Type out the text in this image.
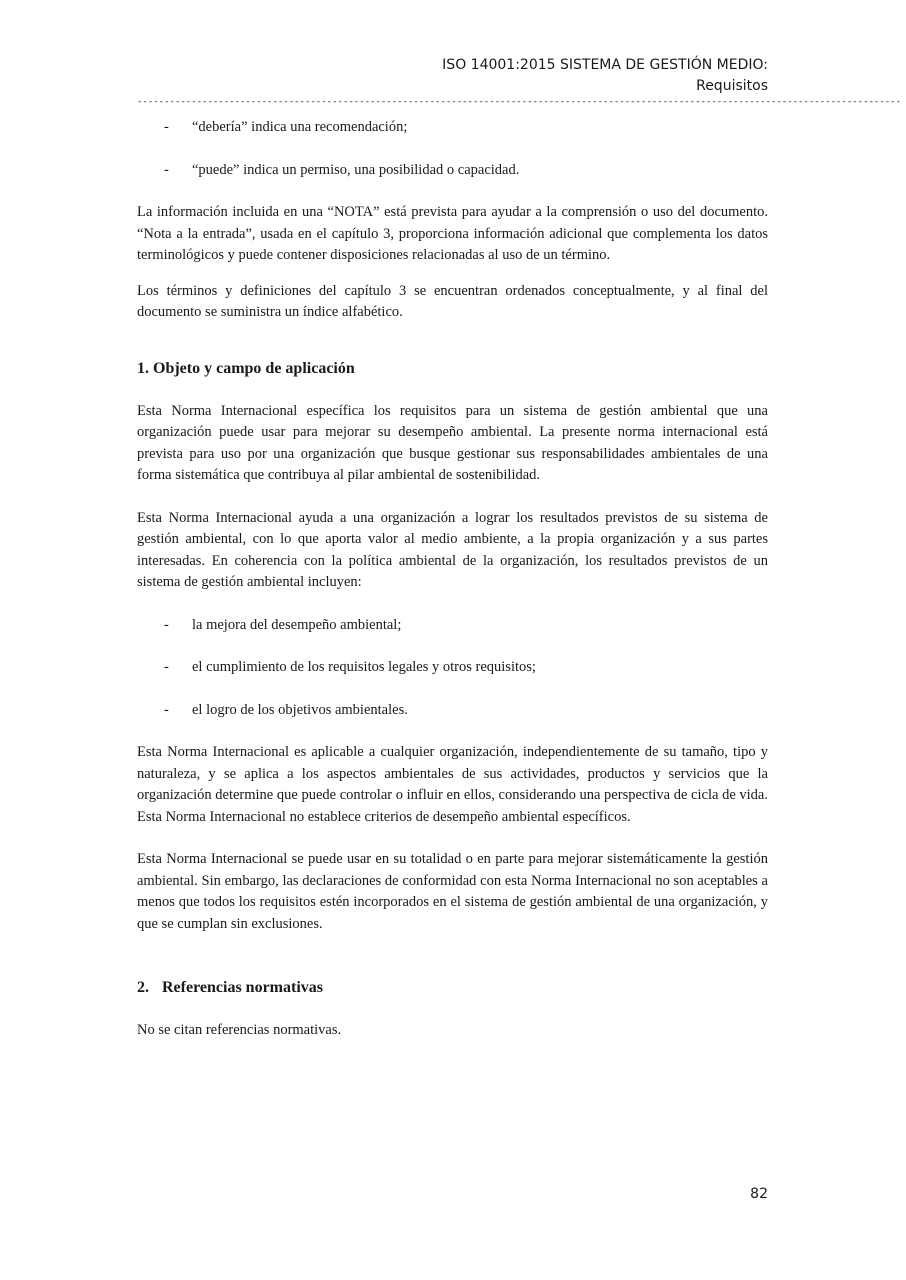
ISO 14001:2015 SISTEMA DE GESTIÓN MEDIO:
Requisitos
---------------------------------------------------------------------------------------------------------------------------------------------
-	“debería” indica una recomendación;
-	“puede” indica un permiso, una posibilidad o capacidad.

La información incluida en una “NOTA” está prevista para ayudar a la comprensión o uso del documento. “Nota a la entrada”, usada en el capítulo 3, proporciona información adicional que complementa los datos terminológicos y puede contener disposiciones relacionadas al uso de un término.

Los términos y definiciones del capítulo 3 se encuentran ordenados conceptualmente, y al final del documento se suministra un índice alfabético.

1. Objeto y campo de aplicación

Esta Norma Internacional específica los requisitos para un sistema de gestión ambiental que una organización puede usar para mejorar su desempeño ambiental. La presente norma internacional está prevista para uso por una organización que busque gestionar sus responsabilidades ambientales de una forma sistemática que contribuya al pilar ambiental de sostenibilidad.

Esta Norma Internacional ayuda a una organización a lograr los resultados previstos de su sistema de gestión ambiental, con lo que aporta valor al medio ambiente, a la propia organización y a sus partes interesadas. En coherencia con la política ambiental de la organización, los resultados previstos de un sistema de gestión ambiental incluyen:

-	la mejora del desempeño ambiental;
-	el cumplimiento de los requisitos legales y otros requisitos;
-	el logro de los objetivos ambientales.

Esta Norma Internacional es aplicable a cualquier organización, independientemente de su tamaño, tipo y naturaleza, y se aplica a los aspectos ambientales de sus actividades, productos y servicios que la organización determine que puede controlar o influir en ellos, considerando una perspectiva de cicla de vida. Esta Norma Internacional no establece criterios de desempeño ambiental específicos.

Esta Norma Internacional se puede usar en su totalidad o en parte para mejorar sistemáticamente la gestión ambiental. Sin embargo, las declaraciones de conformidad con esta Norma Internacional no son aceptables a menos que todos los requisitos estén incorporados en el sistema de gestión ambiental de una organización, y que se cumplan sin exclusiones.

2. Referencias normativas

No se citan referencias normativas.

82
